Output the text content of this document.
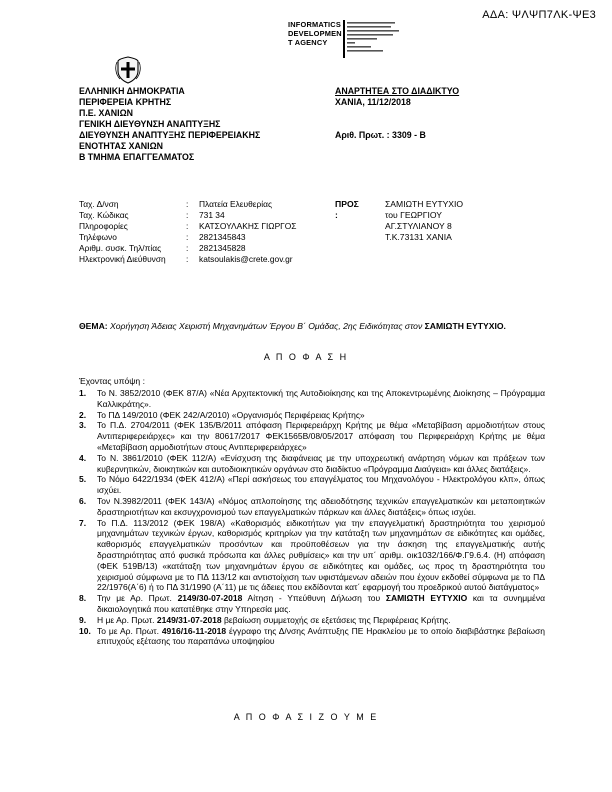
ΑΔΑ: ΨΛΨΠ7ΛΚ-ΨΕ3
INFORMATICS
DEVELOPMEN
T AGENCY
ΕΛΛΗΝΙΚΗ ΔΗΜΟΚΡΑΤΙΑ
ΠΕΡΙΦΕΡΕΙΑ ΚΡΗΤΗΣ
Π.Ε. ΧΑΝΙΩΝ
ΓΕΝΙΚΗ ΔΙΕΥΘΥΝΣΗ ΑΝΑΠΤΥΞΗΣ
ΔΙΕΥΘΥΝΣΗ ΑΝΑΠΤΥΞΗΣ ΠΕΡΙΦΕΡΕΙΑΚΗΣ
ΕΝΟΤΗΤΑΣ ΧΑΝΙΩΝ
Β ΤΜΗΜΑ ΕΠΑΓΓΕΛΜΑΤΟΣ
ΑΝΑΡΤΗΤΕΑ ΣΤΟ ΔΙΑΔΙΚΤΥΟ
ΧΑΝΙΑ, 11/12/2018
Αριθ. Πρωτ. : 3309 - Β
Ταχ. Δ/νση	:	Πλατεία Ελευθερίας
Ταχ. Κώδικας	:	731 34
Πληροφορίες	:	ΚΑΤΣΟΥΛΑΚΗΣ ΓΙΩΡΓΟΣ
Τηλέφωνο	:	2821345843
Αριθμ. συσκ. Τηλ/πίας	:	2821345828
Ηλεκτρονική Διεύθυνση	:	katsoulakis@crete.gov.gr
ΠΡΟΣ :
ΣΑΜΙΩΤΗ ΕΥΤΥΧΙΟ
του ΓΕΩΡΓΙΟΥ
ΑΓ.ΣΤΥΛΙΑΝΟΥ 8
Τ.Κ.73131 ΧΑΝΙΑ
ΘΕΜΑ: Χορήγηση Άδειας Χειριστή Μηχανημάτων Έργου Β΄ Ομάδας, 2ης Ειδικότητας στον ΣΑΜΙΩΤΗ ΕΥΤΥΧΙΟ.
Α Π Ο Φ Α Σ Η
Έχοντας υπόψη :
1.	Το Ν. 3852/2010 (ΦΕΚ 87/Α) «Νέα Αρχιτεκτονική της Αυτοδιοίκησης και της Αποκεντρωμένης Διοίκησης – Πρόγραμμα Καλλικράτης».
2.	Το ΠΔ 149/2010 (ΦΕΚ 242/Α/2010) «Οργανισμός Περιφέρειας Κρήτης»
3.	Το Π.Δ. 2704/2011 (ΦΕΚ 135/Β/2011 απόφαση Περιφερειάρχη Κρήτης με θέμα «Μεταβίβαση αρμοδιοτήτων στους Αντιπεριφερειάρχες» και την 80617/2017 ΦΕΚ1565Β/08/05/2017 απόφαση του Περιφερειάρχη Κρήτης με θέμα «Μεταβίβαση αρμοδιοτήτων στους Αντιπεριφερειάρχες»
4.	Το Ν. 3861/2010 (ΦΕΚ 112/Α) «Ενίσχυση της διαφάνειας με την υποχρεωτική ανάρτηση νόμων και πράξεων των κυβερνητικών, διοικητικών και αυτοδιοικητικών οργάνων στο διαδίκτυο «Πρόγραμμα Διαύγεια» και άλλες διατάξεις».
5.	Το Νόμο 6422/1934 (ΦΕΚ 412/Α) «Περί ασκήσεως του επαγγέλματος του Μηχανολόγου - Ηλεκτρολόγου κλπ», όπως ισχύει.
6.	Τον Ν.3982/2011 (ΦΕΚ 143/Α) «Νόμος απλοποίησης της αδειοδότησης τεχνικών επαγγελματικών και μεταποιητικών δραστηριοτήτων και εκσυγχρονισμού των επαγγελματικών πάρκων και άλλες διατάξεις» όπως ισχύει.
7.	Το Π.Δ. 113/2012 (ΦΕΚ 198/Α) «Καθορισμός ειδικοτήτων για την επαγγελματική δραστηριότητα του χειρισμού μηχανημάτων τεχνικών έργων, καθορισμός κριτηρίων για την κατάταξη των μηχανημάτων σε ειδικότητες και ομάδες, καθορισμός επαγγελματικών προσόντων και προϋποθέσεων για την άσκηση της επαγγελματικής αυτής δραστηριότητας από φυσικά πρόσωπα και άλλες ρυθμίσεις» και την υπ΄ αριθμ. οικ1032/166/Φ.Γ9.6.4. (Η) απόφαση (ΦΕΚ 519Β/13) «κατάταξη των μηχανημάτων έργου σε ειδικότητες και ομάδες, ως προς τη δραστηριότητα του χειρισμού σύμφωνα με το ΠΔ 113/12 και αντιστοίχιση των υφιστάμενων αδειών που έχουν εκδοθεί σύμφωνα με το ΠΔ 22/1976(Α΄6) ή το ΠΔ 31/1990 (Α΄11) με τις άδειες που εκδίδονται κατ΄ εφαρμογή του προεδρικού αυτού διατάγματος»
8.	Την με Αρ. Πρωτ. 2149/30-07-2018 Αίτηση - Υπεύθυνη Δήλωση του ΣΑΜΙΩΤΗ ΕΥΤΥΧΙΟ και τα συνημμένα δικαιολογητικά που κατατέθηκε στην Υπηρεσία μας.
9.	Η με Αρ. Πρωτ. 2149/31-07-2018 βεβαίωση συμμετοχής σε εξετάσεις της Περιφέρειας Κρήτης.
10. Το με Αρ. Πρωτ. 4916/16-11-2018 έγγραφο της Δ/νσης Ανάπτυξης ΠΕ Ηρακλείου με το οποίο διαβιβάστηκε βεβαίωση επιτυχούς εξέτασης του παραπάνω υποψηφίου
Α Π Ο Φ Α Σ Ι Ζ Ο Υ Μ Ε
